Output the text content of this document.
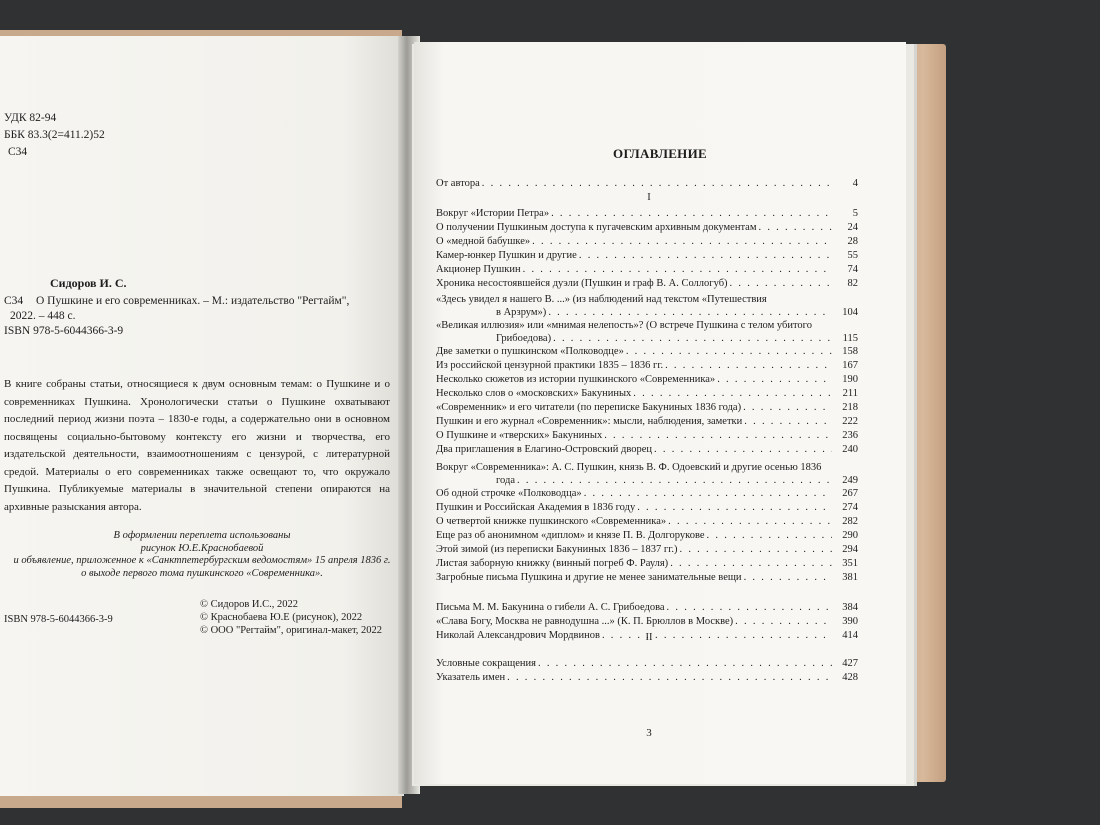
УДК 82-94
ББК 83.3(2=411.2)52
С34
Сидоров И. С.
С34 О Пушкине и его современниках. – М.: издательство "Регтайм",
2022. – 448 с.
ISBN 978-5-6044366-3-9
В книге собраны статьи, относящиеся к двум основным темам: о Пушкине и о современниках Пушкина. Хронологически статьи о Пушкине охватывают последний период жизни поэта – 1830-е годы, а содержательно они в основном посвящены социально-бытовому контексту его жизни и творчества, его издательской деятельности, взаимоотношениям с цензурой, с литературной средой. Материалы о его современниках также освещают то, что окружало Пушкина. Публикуемые материалы в значительной степени опираются на архивные разыскания автора.
В оформлении переплета использованы
рисунок Ю.Е.Краснобаевой
и объявление, приложенное к «Санктпетербургским ведомостям» 15 апреля 1836 г.
о выходе первого тома пушкинского «Современника».
ISBN 978-5-6044366-3-9
© Сидоров И.С., 2022
© Краснобаева Ю.Е (рисунок), 2022
© ООО "Регтайм", оригинал-макет, 2022
ОГЛАВЛЕНИЕ
От автора . . .	4
Вокруг «Истории Петра» . . .	5
О получении Пушкиным доступа к пугачевским архивным документам . . .	24
О «медной бабушке» . . .	28
Камер-юнкер Пушкин и другие . . .	55
Акционер Пушкин . . .	74
Хроника несостоявшейся дуэли (Пушкин и граф В. А. Соллогуб) . . .	82
«Здесь увидел я нашего В. ...» (из наблюдений над текстом «Путешествия
в Арзрум») . . .	104
«Великая иллюзия» или «мнимая нелепость»? (О встрече Пушкина с телом убитого
Грибоедова) . . .	115
Две заметки о пушкинском «Полководце» . . .	158
Из российской цензурной практики 1835 – 1836 гг. . . .	167
Несколько сюжетов из истории пушкинского «Современника» . . .	190
Несколько слов о «московских» Бакуниных . . .	211
«Современник» и его читатели (по переписке Бакуниных 1836 года) . . .	218
Пушкин и его журнал «Современник»: мысли, наблюдения, заметки . . .	222
О Пушкине и «тверских» Бакуниных . . .	236
Два приглашения в Елагино-Островский дворец . . .	240
Вокруг «Современника»: А. С. Пушкин, князь В. Ф. Одоевский и другие осенью 1836
года . . .	249
Об одной строчке «Полководца» . . .	267
Пушкин и Российская Академия в 1836 году . . .	274
О четвертой книжке пушкинского «Современника» . . .	282
Еще раз об анонимном «диплом» и князе П. В. Долгорукове . . .	290
Этой зимой (из переписки Бакуниных 1836 – 1837 гг.) . . .	294
Листая заборную книжку (винный погреб Ф. Рауля) . . .	351
Загробные письма Пушкина и другие не менее занимательные вещи . . .	381
Письма М. М. Бакунина о гибели А. С. Грибоедова . . .	384
«Слава Богу, Москва не равнодушна ...» (К. П. Брюллов в Москве) . . .	390
Николай Александрович Мордвинов . . .	414
Условные сокращения . . .	427
Указатель имен . . .	428
I
II
3
